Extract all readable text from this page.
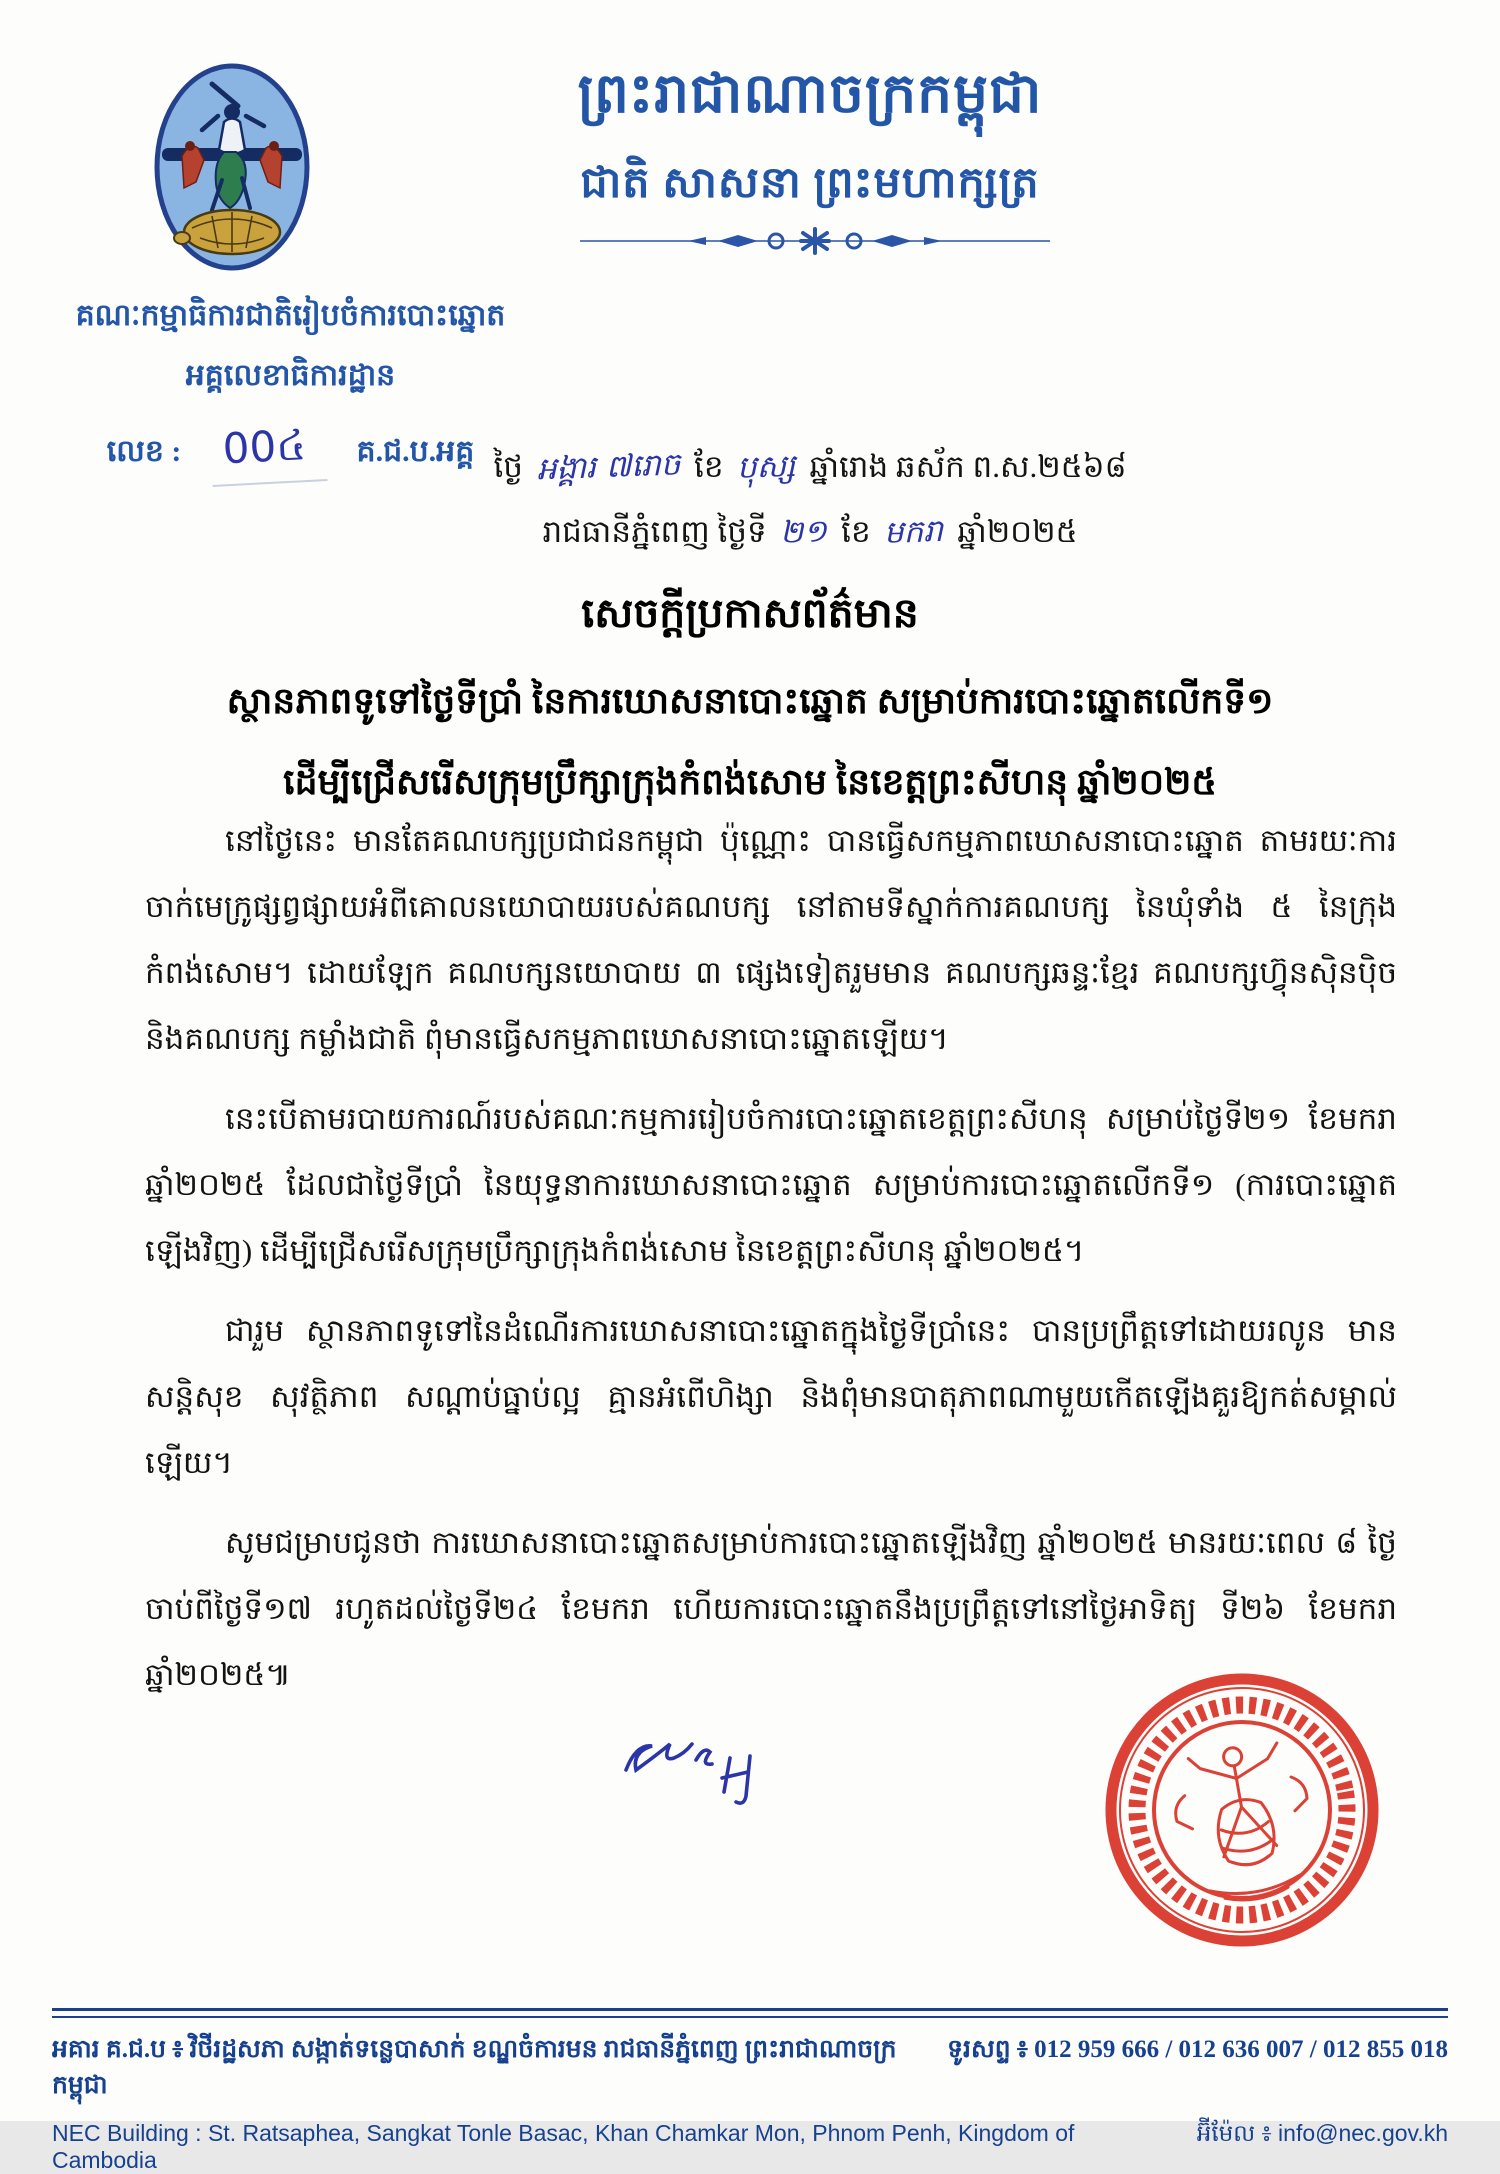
ព្រះរាជាណាចក្រកម្ពុជា
ជាតិ សាសនា ព្រះមហាក្សត្រ
គណៈកម្មាធិការជាតិរៀបចំការបោះឆ្នោត
អគ្គលេខាធិការដ្ឋាន
លេខ : 00៤	គ.ជ.ប.អគ្គ ថ្ងៃ អង្គារ ៧រោច ខែ បុស្ស ឆ្នាំរោង ឆស័ក ព.ស.២៥៦៨
រាជធានីភ្នំពេញ ថ្ងៃទី ២១ ខែ មករា ឆ្នាំ២០២៥
សេចក្តីប្រកាសព័ត៌មាន
ស្ថានភាពទូទៅថ្ងៃទីប្រាំ នៃការឃោសនាបោះឆ្នោត សម្រាប់ការបោះឆ្នោតលើកទី១
ដើម្បីជ្រើសរើសក្រុមប្រឹក្សាក្រុងកំពង់សោម នៃខេត្តព្រះសីហនុ ឆ្នាំ២០២៥

នៅថ្ងៃនេះ មានតែគណបក្សប្រជាជនកម្ពុជា ប៉ុណ្ណោះ បានធ្វើសកម្មភាពឃោសនាបោះឆ្នោត តាមរយៈការចាក់មេក្រូផ្សព្វផ្សាយអំពីគោលនយោបាយរបស់គណបក្ស នៅតាមទីស្នាក់ការគណបក្ស នៃឃុំទាំង ៥ នៃក្រុងកំពង់សោម។ ដោយឡែក គណបក្សនយោបាយ ៣ ផ្សេងទៀតរួមមាន គណបក្សឆន្ទៈខ្មែរ គណបក្សហ៊្វុនស៊ិនប៉ិច និងគណបក្ស កម្លាំងជាតិ ពុំមានធ្វើសកម្មភាពឃោសនាបោះឆ្នោតឡើយ។

នេះបើតាមរបាយការណ៍របស់គណៈកម្មការរៀបចំការបោះឆ្នោតខេត្តព្រះសីហនុ សម្រាប់ថ្ងៃទី២១ ខែមករា ឆ្នាំ២០២៥ ដែលជាថ្ងៃទីប្រាំ នៃយុទ្ធនាការឃោសនាបោះឆ្នោត សម្រាប់ការបោះឆ្នោតលើកទី១ (ការបោះឆ្នោតឡើងវិញ) ដើម្បីជ្រើសរើសក្រុមប្រឹក្សាក្រុងកំពង់សោម នៃខេត្តព្រះសីហនុ ឆ្នាំ២០២៥។

ជារួម ស្ថានភាពទូទៅនៃដំណើរការឃោសនាបោះឆ្នោតក្នុងថ្ងៃទីប្រាំនេះ បានប្រព្រឹត្តទៅដោយរលូន មានសន្តិសុខ សុវត្ថិភាព សណ្តាប់ធ្នាប់ល្អ គ្មានអំពើហិង្សា និងពុំមានបាតុភាពណាមួយកើតឡើងគួរឱ្យកត់សម្គាល់ឡើយ។

សូមជម្រាបជូនថា ការឃោសនាបោះឆ្នោតសម្រាប់ការបោះឆ្នោតឡើងវិញ ឆ្នាំ២០២៥ មានរយៈពេល ៨ ថ្ងៃ ចាប់ពីថ្ងៃទី១៧ រហូតដល់ថ្ងៃទី២៤ ខែមករា ហើយការបោះឆ្នោតនឹងប្រព្រឹត្តទៅនៅថ្ងៃអាទិត្យ ទី២៦ ខែមករា ឆ្នាំ២០២៥៕

អគារ គ.ជ.ប ៖ វិថីរដ្ឋសភា សង្កាត់ទន្លេបាសាក់ ខណ្ឌចំការមន រាជធានីភ្នំពេញ ព្រះរាជាណាចក្រកម្ពុជា
ទូរសព្ទ ៖ 012 959 666 / 012 636 007 / 012 855 018
NEC Building : St. Ratsaphea, Sangkat Tonle Basac, Khan Chamkar Mon, Phnom Penh, Kingdom of Cambodia
អ៊ីម៉ែល ៖ info@nec.gov.kh
